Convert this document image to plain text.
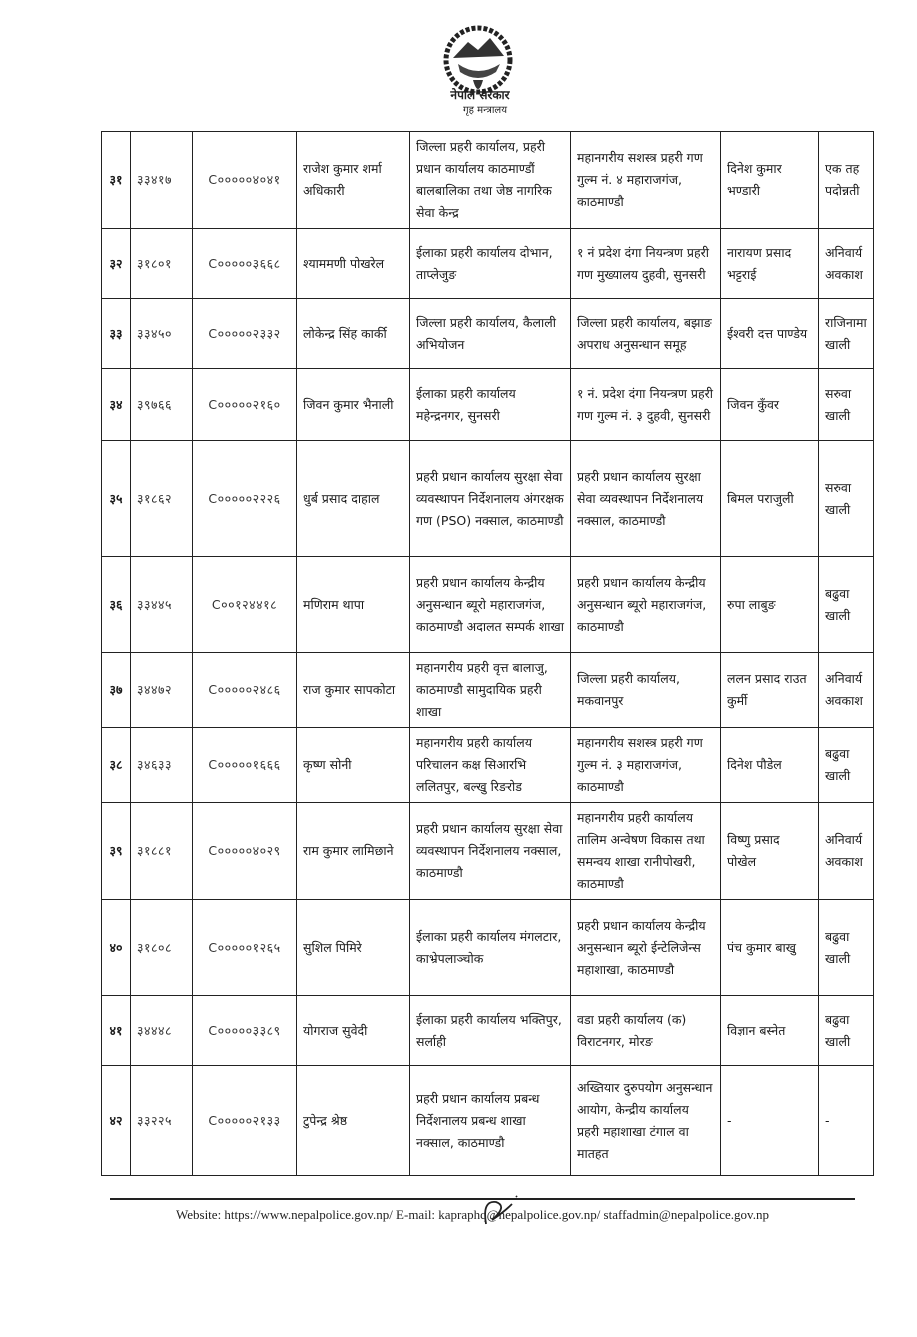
नेपाल सरकार
गृह मन्त्रालय
३१	३३४१७	C०००००४०४१	राजेश कुमार शर्मा अधिकारी	जिल्ला प्रहरी कार्यालय, प्रहरी प्रधान कार्यालय काठमाण्डौं बालबालिका तथा जेष्ठ नागरिक सेवा केन्द्र	महानगरीय सशस्त्र प्रहरी गण गुल्म नं. ४ महाराजगंज, काठमाण्डौ	दिनेश कुमार भण्डारी	एक तह पदोन्नती
३२	३१८०१	C०००००३६६८	श्याममणी पोखरेल	ईलाका प्रहरी कार्यालय दोभान, ताप्लेजुङ	१ नं प्रदेश दंगा नियन्त्रण प्रहरी गण मुख्यालय दुहवी, सुनसरी	नारायण प्रसाद भट्टराई	अनिवार्य अवकाश
३३	३३४५०	C०००००२३३२	लोकेन्द्र सिंह कार्की	जिल्ला प्रहरी कार्यालय, कैलाली अभियोजन	जिल्ला प्रहरी कार्यालय, बझाङ अपराध अनुसन्धान समूह	ईश्वरी दत्त पाण्डेय	राजिनामा खाली
३४	३९७६६	C०००००२१६०	जिवन कुमार भैनाली	ईलाका प्रहरी कार्यालय महेन्द्रनगर, सुनसरी	१ नं. प्रदेश दंगा नियन्त्रण प्रहरी गण गुल्म नं. ३ दुहवी, सुनसरी	जिवन कुँवर	सरुवा खाली
३५	३१८६२	C०००००२२२६	धुर्ब प्रसाद दाहाल	प्रहरी प्रधान कार्यालय सुरक्षा सेवा व्यवस्थापन निर्देशनालय अंगरक्षक गण (PSO) नक्साल, काठमाण्डौ	प्रहरी प्रधान कार्यालय सुरक्षा सेवा व्यवस्थापन निर्देशनालय नक्साल, काठमाण्डौ	बिमल पराजुली	सरुवा खाली
३६	३३४४५	C००१२४४१८	मणिराम थापा	प्रहरी प्रधान कार्यालय केन्द्रीय अनुसन्धान ब्यूरो महाराजगंज, काठमाण्डौ अदालत सम्पर्क शाखा	प्रहरी प्रधान कार्यालय केन्द्रीय अनुसन्धान ब्यूरो महाराजगंज, काठमाण्डौ	रुपा लाबुङ	बढुवा खाली
३७	३४४७२	C०००००२४८६	राज कुमार सापकोटा	महानगरीय प्रहरी वृत्त बालाजु, काठमाण्डौ सामुदायिक प्रहरी शाखा	जिल्ला प्रहरी कार्यालय, मकवानपुर	ललन प्रसाद राउत कुर्मी	अनिवार्य अवकाश
३८	३४६३३	C०००००१६६६	कृष्ण सोनी	महानगरीय प्रहरी कार्यालय परिचालन कक्ष सिआरभि ललितपुर, बल्खु रिङरोड	महानगरीय सशस्त्र प्रहरी गण गुल्म नं. ३ महाराजगंज, काठमाण्डौ	दिनेश पौडेल	बढुवा खाली
३९	३१८८१	C०००००४०२९	राम कुमार लामिछाने	प्रहरी प्रधान कार्यालय सुरक्षा सेवा व्यवस्थापन निर्देशनालय नक्साल, काठमाण्डौ	महानगरीय प्रहरी कार्यालय तालिम अन्वेषण विकास तथा समन्वय शाखा रानीपोखरी, काठमाण्डौ	विष्णु प्रसाद पोखेल	अनिवार्य अवकाश
४०	३१८०८	C०००००१२६५	सुशिल पिमिरे	ईलाका प्रहरी कार्यालय मंगलटार, काभ्रेपलाञ्चोक	प्रहरी प्रधान कार्यालय केन्द्रीय अनुसन्धान ब्यूरो ईन्टेलिजेन्स महाशाखा, काठमाण्डौ	पंच कुमार बाखु	बढुवा खाली
४१	३४४४८	C०००००३३८९	योगराज सुवेदी	ईलाका प्रहरी कार्यालय भक्तिपुर, सर्लाही	वडा प्रहरी कार्यालय (क) विराटनगर, मोरङ	विज्ञान बस्नेत	बढुवा खाली
४२	३३२२५	C०००००२१३३	टुपेन्द्र श्रेष्ठ	प्रहरी प्रधान कार्यालय प्रबन्ध निर्देशनालय प्रबन्ध शाखा नक्साल, काठमाण्डौ	अख्तियार दुरुपयोग अनुसन्धान आयोग, केन्द्रीय कार्यालय प्रहरी महाशाखा टंगाल वा मातहत	-	-
Website: https://www.nepalpolice.gov.np/ E-mail: kapraphq@nepalpolice.gov.np/ staffadmin@nepalpolice.gov.np
